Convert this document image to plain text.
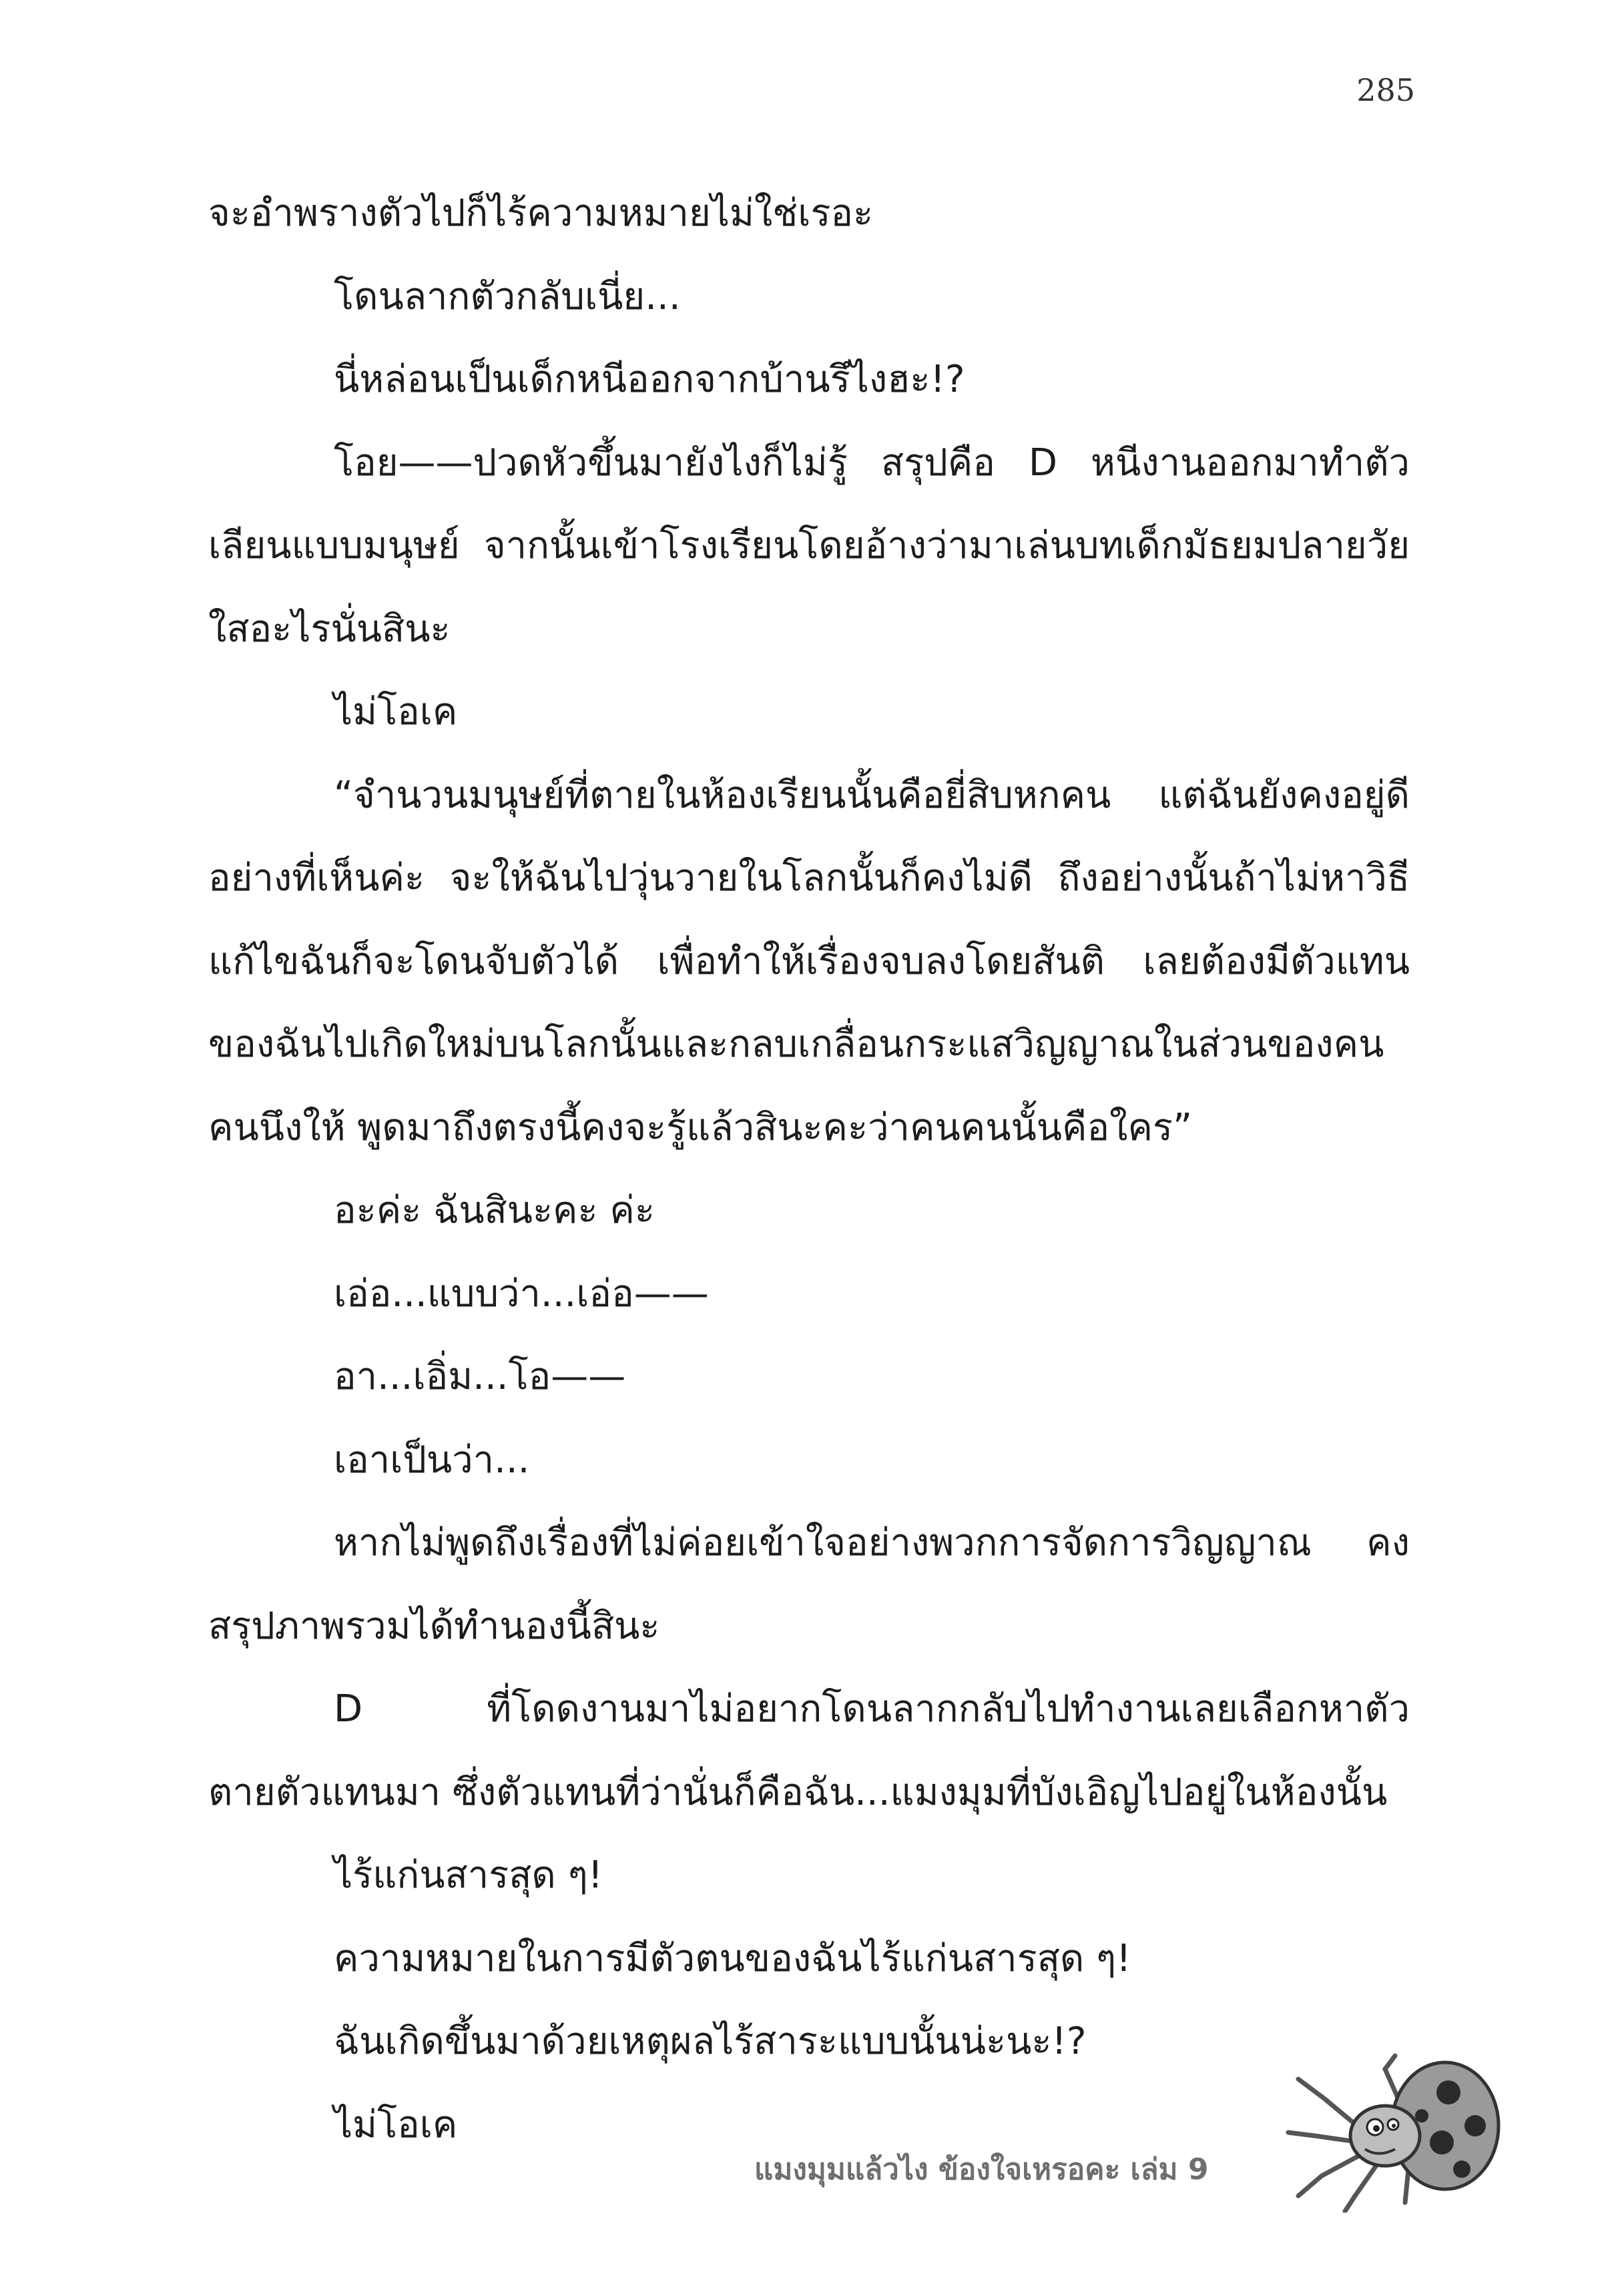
285

จะอำพรางตัวไปก็ไร้ความหมายไม่ใช่เรอะ

โดนลากตัวกลับเนี่ย...

นี่หล่อนเป็นเด็กหนีออกจากบ้านรึไงฮะ!?

โอย——ปวดหัวขึ้นมายังไงก็ไม่รู้ สรุปคือ D หนีงานออกมาทำตัวเลียนแบบมนุษย์ จากนั้นเข้าโรงเรียนโดยอ้างว่ามาเล่นบทเด็กมัธยมปลายวัยใสอะไรนั่นสินะ

ไม่โอเค

“จำนวนมนุษย์ที่ตายในห้องเรียนนั้นคือยี่สิบหกคน แต่ฉันยังคงอยู่ดีอย่างที่เห็นค่ะ จะให้ฉันไปวุ่นวายในโลกนั้นก็คงไม่ดี ถึงอย่างนั้นถ้าไม่หาวิธีแก้ไขฉันก็จะโดนจับตัวได้ เพื่อทำให้เรื่องจบลงโดยสันติ เลยต้องมีตัวแทนของฉันไปเกิดใหม่บนโลกนั้นและกลบเกลื่อนกระแสวิญญาณในส่วนของคนคนนึงให้ พูดมาถึงตรงนี้คงจะรู้แล้วสินะคะว่าคนคนนั้นคือใคร”

อะค่ะ ฉันสินะคะ ค่ะ

เอ่อ...แบบว่า...เอ่อ——

อา...เอิ่ม...โอ——

เอาเป็นว่า...

หากไม่พูดถึงเรื่องที่ไม่ค่อยเข้าใจอย่างพวกการจัดการวิญญาณ คงสรุปภาพรวมได้ทำนองนี้สินะ

D ที่โดดงานมาไม่อยากโดนลากกลับไปทำงานเลยเลือกหาตัวตายตัวแทนมา ซึ่งตัวแทนที่ว่านั่นก็คือฉัน...แมงมุมที่บังเอิญไปอยู่ในห้องนั้น

ไร้แก่นสารสุด ๆ!

ความหมายในการมีตัวตนของฉันไร้แก่นสารสุด ๆ!

ฉันเกิดขึ้นมาด้วยเหตุผลไร้สาระแบบนั้นน่ะนะ!?

ไม่โอเค

แมงมุมแล้วไง ข้องใจเหรอคะ เล่ม 9
